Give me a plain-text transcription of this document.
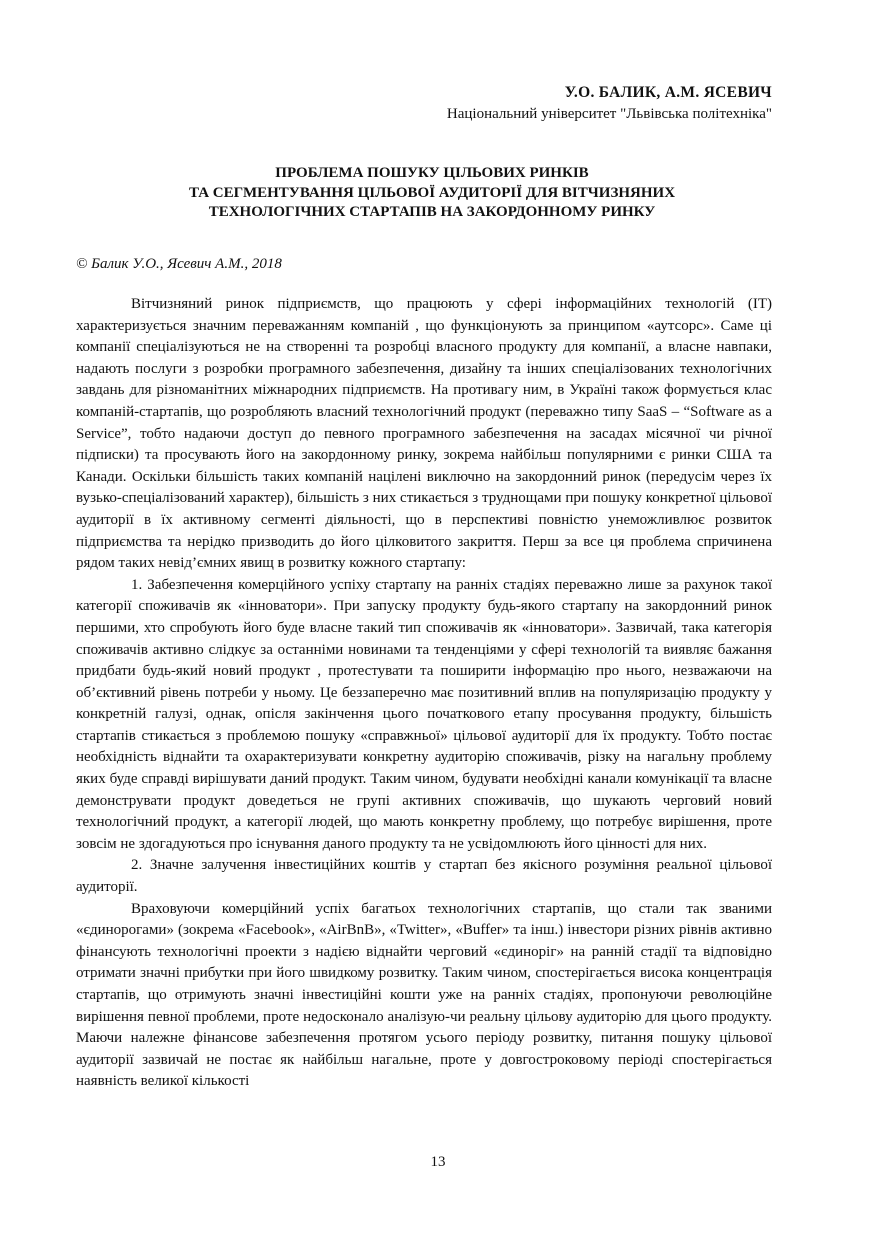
У.О. БАЛИК, А.М. ЯСЕВИЧ
Національний університет "Львівська політехніка"
ПРОБЛЕМА ПОШУКУ ЦІЛЬОВИХ РИНКІВ
ТА СЕГМЕНТУВАННЯ ЦІЛЬОВОЇ АУДИТОРІЇ ДЛЯ ВІТЧИЗНЯНИХ
ТЕХНОЛОГІЧНИХ СТАРТАПІВ НА ЗАКОРДОННОМУ РИНКУ
© Балик У.О., Ясевич А.М., 2018

Вітчизняний ринок підприємств, що працюють у сфері інформаційних технологій (ІТ) характеризується значним переважанням компаній , що функціонують за принципом «аутсорс». Саме ці компанії спеціалізуються не на створенні та розробці власного продукту для компанії, а власне навпаки, надають послуги з розробки програмного забезпечення, дизайну та інших спеціалізованих технологічних завдань для різноманітних міжнародних підприємств. На противагу ним, в Україні також формується клас компаній-стартапів, що розробляють власний технологічний продукт (переважно типу SaaS – “Software as a Service”, тобто надаючи доступ до певного програмного забезпечення на засадах місячної чи річної підписки) та просувають його на закордонному ринку, зокрема найбільш популярними є ринки США та Канади. Оскільки більшість таких компаній націлені виключно на закордонний ринок (передусім через їх вузько-спеціалізований характер), більшість з них стикається з труднощами при пошуку конкретної цільової аудиторії в їх активному сегменті діяльності, що в перспективі повністю унеможливлює розвиток підприємства та нерідко призводить до його цілковитого закриття. Перш за все ця проблема спричинена рядом таких невід’ємних явищ в розвитку кожного стартапу:

1. Забезпечення комерційного успіху стартапу на ранніх стадіях переважно лише за рахунок такої категорії споживачів як «інноватори». При запуску продукту будь-якого стартапу на закордонний ринок першими, хто спробують його буде власне такий тип споживачів як «інноватори». Зазвичай, така категорія споживачів активно слідкує за останніми новинами та тенденціями у сфері технологій та виявляє бажання придбати будь-який новий продукт , протестувати та поширити інформацію про нього, незважаючи на об’єктивний рівень потреби у ньому. Це беззаперечно має позитивний вплив на популяризацію продукту у конкретній галузі, однак, опісля закінчення цього початкового етапу просування продукту, більшість стартапів стикається з проблемою пошуку «справжньої» цільової аудиторії для їх продукту. Тобто постає необхідність віднайти та охарактеризувати конкретну аудиторію споживачів, різку на нагальну проблему яких буде справді вирішувати даний продукт. Таким чином, будувати необхідні канали комунікації та власне демонструвати продукт доведеться не групі активних споживачів, що шукають черговий новий технологічний продукт, а категорії людей, що мають конкретну проблему, що потребує вирішення, проте зовсім не здогадуються про існування даного продукту та не усвідомлюють його цінності для них.

2. Значне залучення інвестиційних коштів у стартап без якісного розуміння реальної цільової аудиторії.

Враховуючи комерційний успіх багатьох технологічних стартапів, що стали так званими «єдинорогами» (зокрема «Facebook», «AirBnB», «Twitter», «Buffer» та інш.) інвестори різних рівнів активно фінансують технологічні проекти з надією віднайти черговий «єдиноріг» на ранній стадії та відповідно отримати значні прибутки при його швидкому розвитку. Таким чином, спостерігається висока концентрація стартапів, що отримують значні інвестиційні кошти уже на ранніх стадіях, пропонуючи революційне вирішення певної проблеми, проте недосконало аналізую-чи реальну цільову аудиторію для цього продукту. Маючи належне фінансове забезпечення протягом усього періоду розвитку, питання пошуку цільової аудиторії зазвичай не постає як найбільш нагальне, проте у довгостроковому періоді спостерігається наявність великої кількості

13
